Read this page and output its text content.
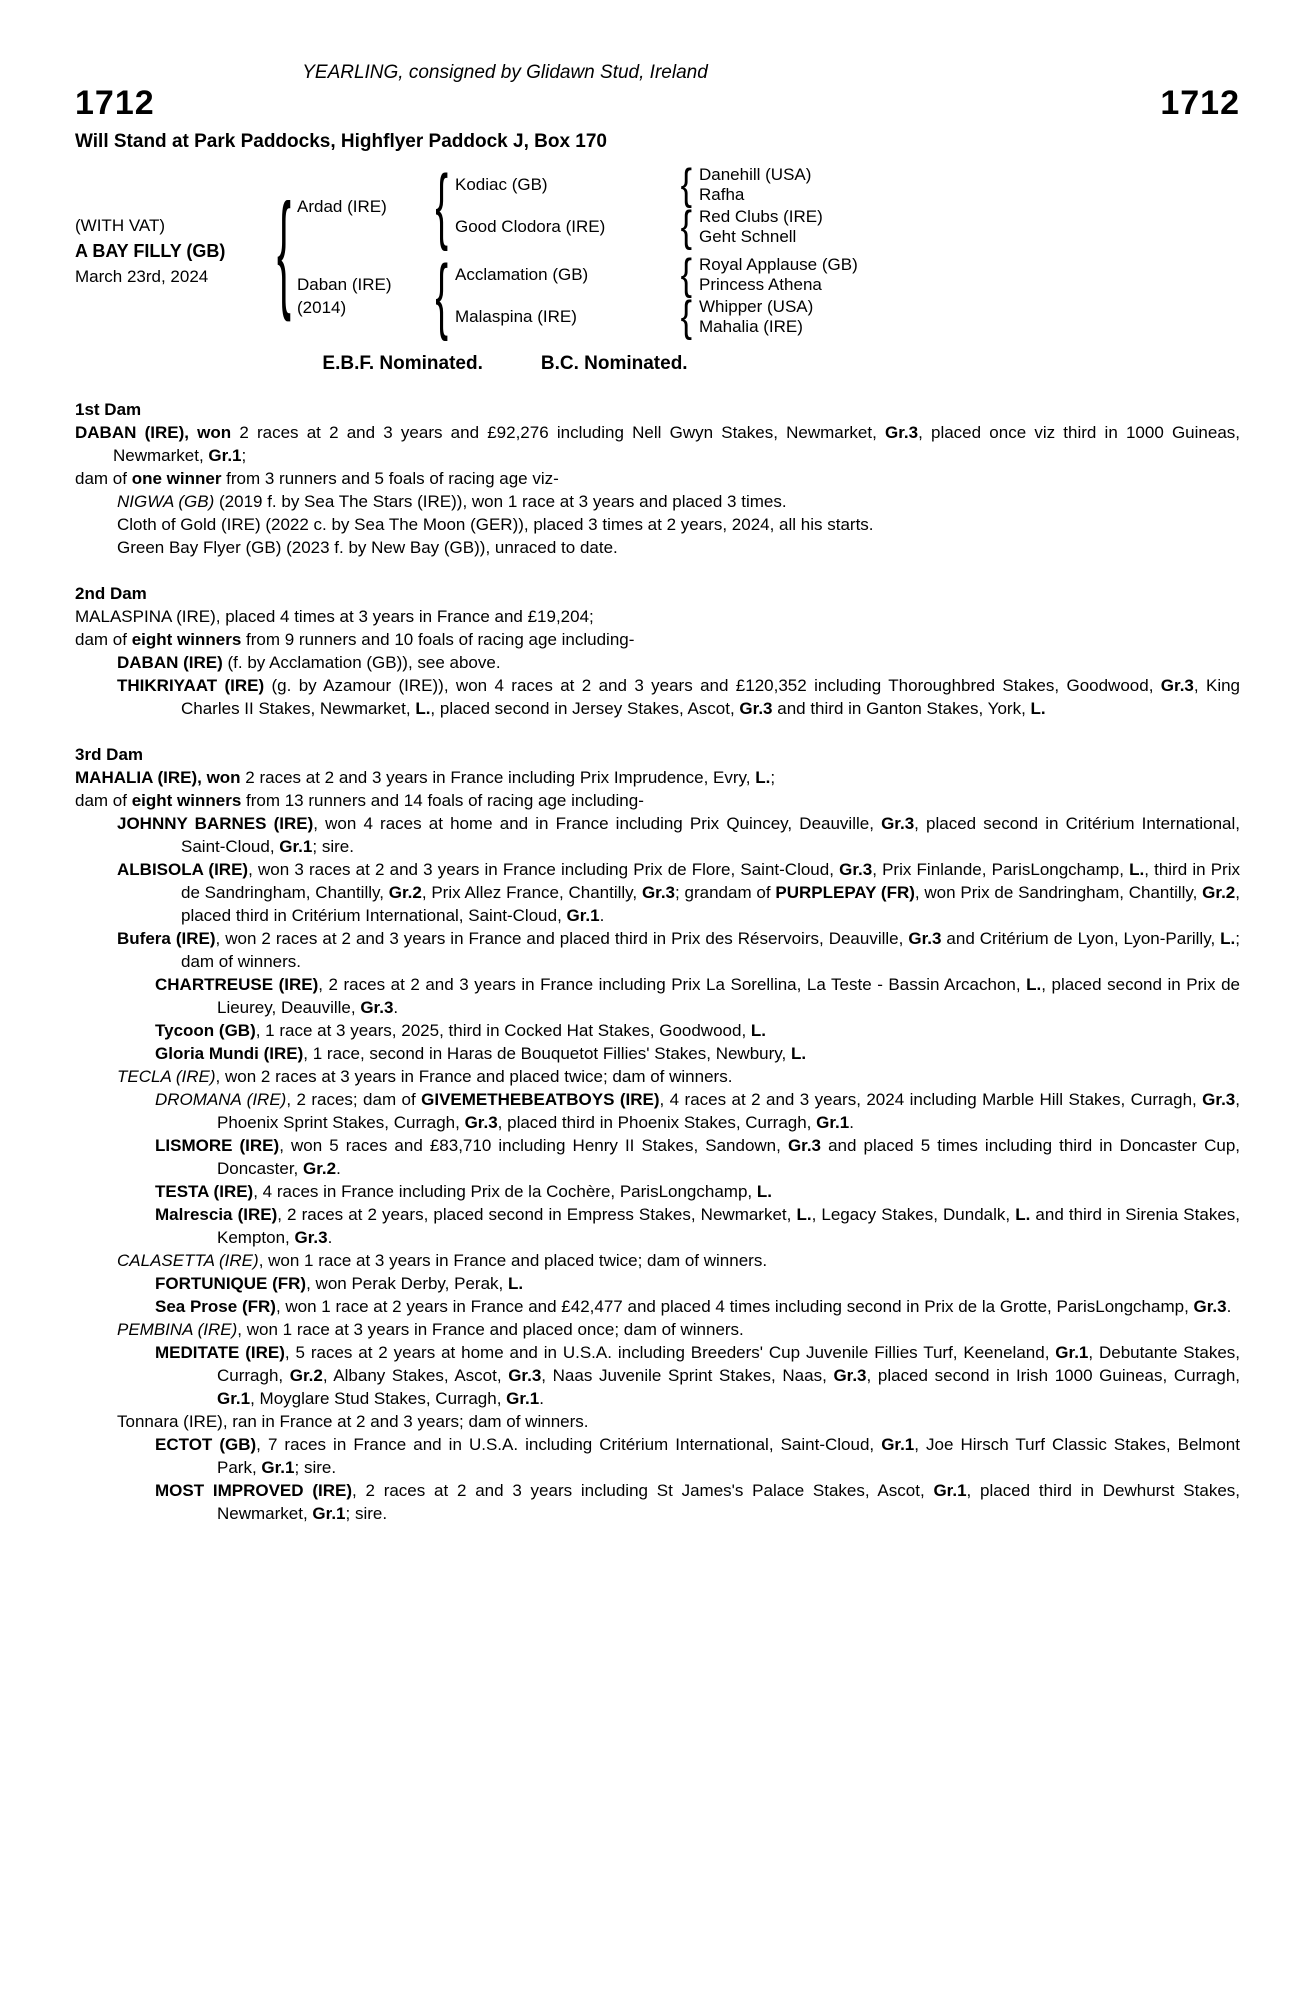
YEARLING, consigned by Glidawn Stud, Ireland
1712	1712
Will Stand at Park Paddocks, Highflyer Paddock J, Box 170
(WITH VAT)
A BAY FILLY (GB)
March 23rd, 2024	{ Ardad (IRE)	{ Kodiac (GB)	{ Danehill (USA)
Rafha
Good Clodora (IRE)	{ Red Clubs (IRE)
Geht Schnell
Daban (IRE)
(2014)	{ Acclamation (GB)	{ Royal Applause (GB)
Princess Athena
Malaspina (IRE)	{ Whipper (USA)
Mahalia (IRE)
E.B.F. Nominated.	B.C. Nominated.
1st Dam

DABAN (IRE), won 2 races at 2 and 3 years and £92,276 including Nell Gwyn Stakes, Newmarket, Gr.3, placed once viz third in 1000 Guineas, Newmarket, Gr.1;

dam of one winner from 3 runners and 5 foals of racing age viz-

NIGWA (GB) (2019 f. by Sea The Stars (IRE)), won 1 race at 3 years and placed 3 times.

Cloth of Gold (IRE) (2022 c. by Sea The Moon (GER)), placed 3 times at 2 years, 2024, all his starts.

Green Bay Flyer (GB) (2023 f. by New Bay (GB)), unraced to date.

2nd Dam

MALASPINA (IRE), placed 4 times at 3 years in France and £19,204;

dam of eight winners from 9 runners and 10 foals of racing age including-

DABAN (IRE) (f. by Acclamation (GB)), see above.

THIKRIYAAT (IRE) (g. by Azamour (IRE)), won 4 races at 2 and 3 years and £120,352 including Thoroughbred Stakes, Goodwood, Gr.3, King Charles II Stakes, Newmarket, L., placed second in Jersey Stakes, Ascot, Gr.3 and third in Ganton Stakes, York, L.

3rd Dam

MAHALIA (IRE), won 2 races at 2 and 3 years in France including Prix Imprudence, Evry, L.;

dam of eight winners from 13 runners and 14 foals of racing age including-

JOHNNY BARNES (IRE), won 4 races at home and in France including Prix Quincey, Deauville, Gr.3, placed second in Critérium International, Saint-Cloud, Gr.1; sire.

ALBISOLA (IRE), won 3 races at 2 and 3 years in France including Prix de Flore, Saint-Cloud, Gr.3, Prix Finlande, ParisLongchamp, L., third in Prix de Sandringham, Chantilly, Gr.2, Prix Allez France, Chantilly, Gr.3; grandam of PURPLEPAY (FR), won Prix de Sandringham, Chantilly, Gr.2, placed third in Critérium International, Saint-Cloud, Gr.1.

Bufera (IRE), won 2 races at 2 and 3 years in France and placed third in Prix des Réservoirs, Deauville, Gr.3 and Critérium de Lyon, Lyon-Parilly, L.; dam of winners.

CHARTREUSE (IRE), 2 races at 2 and 3 years in France including Prix La Sorellina, La Teste - Bassin Arcachon, L., placed second in Prix de Lieurey, Deauville, Gr.3.

Tycoon (GB), 1 race at 3 years, 2025, third in Cocked Hat Stakes, Goodwood, L.

Gloria Mundi (IRE), 1 race, second in Haras de Bouquetot Fillies' Stakes, Newbury, L.

TECLA (IRE), won 2 races at 3 years in France and placed twice; dam of winners.

DROMANA (IRE), 2 races; dam of GIVEMETHEBEATBOYS (IRE), 4 races at 2 and 3 years, 2024 including Marble Hill Stakes, Curragh, Gr.3, Phoenix Sprint Stakes, Curragh, Gr.3, placed third in Phoenix Stakes, Curragh, Gr.1.

LISMORE (IRE), won 5 races and £83,710 including Henry II Stakes, Sandown, Gr.3 and placed 5 times including third in Doncaster Cup, Doncaster, Gr.2.

TESTA (IRE), 4 races in France including Prix de la Cochère, ParisLongchamp, L.

Malrescia (IRE), 2 races at 2 years, placed second in Empress Stakes, Newmarket, L., Legacy Stakes, Dundalk, L. and third in Sirenia Stakes, Kempton, Gr.3.

CALASETTA (IRE), won 1 race at 3 years in France and placed twice; dam of winners.

FORTUNIQUE (FR), won Perak Derby, Perak, L.

Sea Prose (FR), won 1 race at 2 years in France and £42,477 and placed 4 times including second in Prix de la Grotte, ParisLongchamp, Gr.3.

PEMBINA (IRE), won 1 race at 3 years in France and placed once; dam of winners.

MEDITATE (IRE), 5 races at 2 years at home and in U.S.A. including Breeders' Cup Juvenile Fillies Turf, Keeneland, Gr.1, Debutante Stakes, Curragh, Gr.2, Albany Stakes, Ascot, Gr.3, Naas Juvenile Sprint Stakes, Naas, Gr.3, placed second in Irish 1000 Guineas, Curragh, Gr.1, Moyglare Stud Stakes, Curragh, Gr.1.

Tonnara (IRE), ran in France at 2 and 3 years; dam of winners.

ECTOT (GB), 7 races in France and in U.S.A. including Critérium International, Saint-Cloud, Gr.1, Joe Hirsch Turf Classic Stakes, Belmont Park, Gr.1; sire.

MOST IMPROVED (IRE), 2 races at 2 and 3 years including St James's Palace Stakes, Ascot, Gr.1, placed third in Dewhurst Stakes, Newmarket, Gr.1; sire.
